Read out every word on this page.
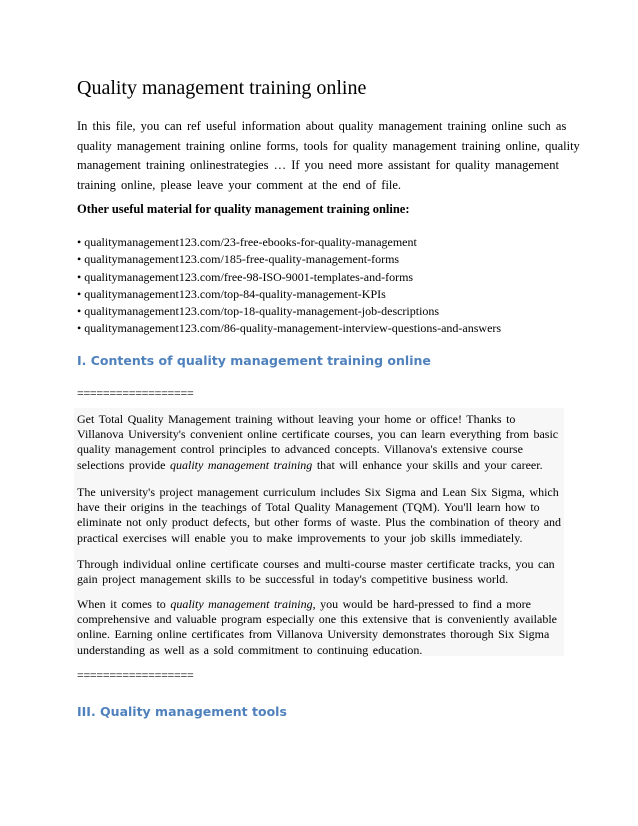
Quality management training online

In this file, you can ref useful information about quality management training online such as

quality management training online forms, tools for quality management training online, quality

management training onlinestrategies … If you need more assistant for quality management

training online, please leave your comment at the end of file.

Other useful material for quality management training online:
• qualitymanagement123.com/23-free-ebooks-for-quality-management
• qualitymanagement123.com/185-free-quality-management-forms
• qualitymanagement123.com/free-98-ISO-9001-templates-and-forms
• qualitymanagement123.com/top-84-quality-management-KPIs
• qualitymanagement123.com/top-18-quality-management-job-descriptions
• qualitymanagement123.com/86-quality-management-interview-questions-and-answers
I. Contents of quality management training online
==================

Get Total Quality Management training without leaving your home or office! Thanks to

Villanova University's convenient online certificate courses, you can learn everything from basic

quality management control principles to advanced concepts. Villanova's extensive course

selections provide quality management training that will enhance your skills and your career.

The university's project management curriculum includes Six Sigma and Lean Six Sigma, which

have their origins in the teachings of Total Quality Management (TQM). You'll learn how to

eliminate not only product defects, but other forms of waste. Plus the combination of theory and

practical exercises will enable you to make improvements to your job skills immediately.

Through individual online certificate courses and multi-course master certificate tracks, you can

gain project management skills to be successful in today's competitive business world.

When it comes to quality management training, you would be hard-pressed to find a more

comprehensive and valuable program especially one this extensive that is conveniently available

online. Earning online certificates from Villanova University demonstrates thorough Six Sigma

understanding as well as a sold commitment to continuing education.

==================
III. Quality management tools
